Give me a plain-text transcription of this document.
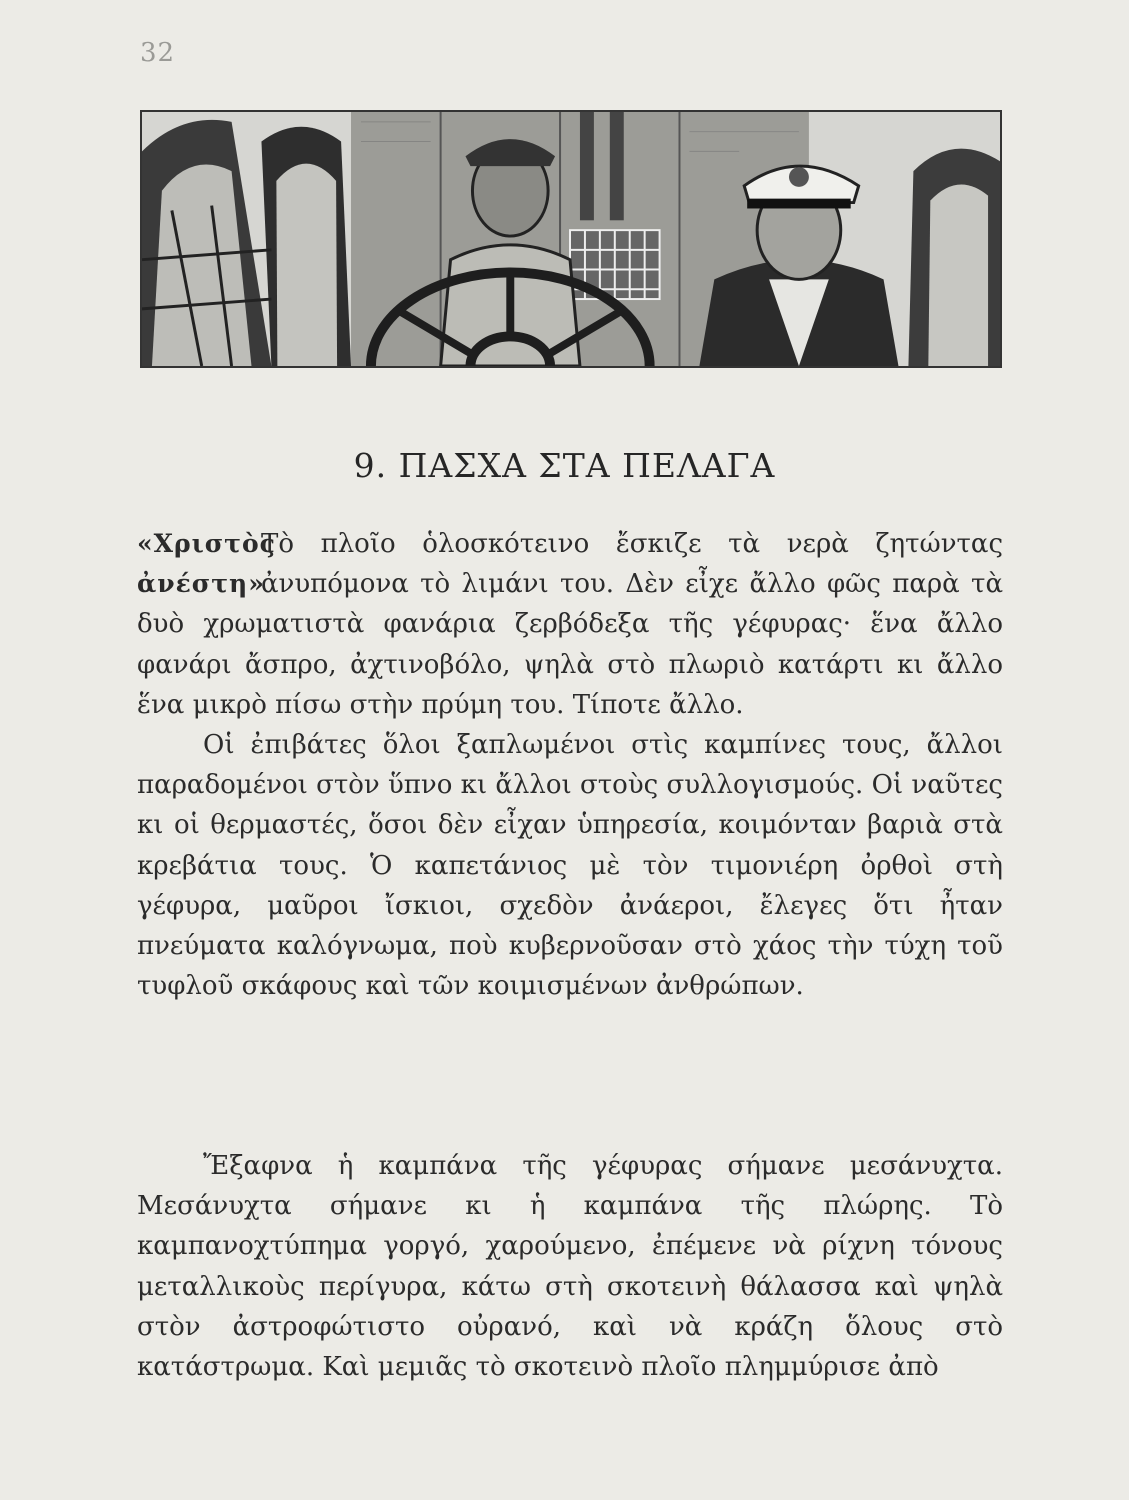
32
9. ΠΑΣΧΑ ΣΤΑ ΠΕΛΑΓΑ
«Χριστὸς
ἀνέστη»

Τὸ πλοῖο ὁλοσκότεινο ἔσκιζε τὰ νερὰ ζητώντας ἀνυπόμονα τὸ λιμάνι του. Δὲν εἶχε ἄλλο φῶς παρὰ τὰ δυὸ χρωματιστὰ φανάρια ζερβόδεξα τῆς γέφυρας· ἕνα ἄλλο φανάρι ἄσπρο, ἀχτινοβόλο, ψηλὰ στὸ πλωριὸ κατάρτι κι ἄλλο ἕνα μικρὸ πίσω στὴν πρύμη του. Τίποτε ἄλλο.

Οἱ ἐπιβάτες ὅλοι ξαπλωμένοι στὶς καμπίνες τους, ἄλλοι παραδομένοι στὸν ὕπνο κι ἄλλοι στοὺς συλλογισμούς. Οἱ ναῦτες κι οἱ θερμαστές, ὅσοι δὲν εἶχαν ὑπηρεσία, κοιμόνταν βαριὰ στὰ κρεβάτια τους. Ὁ καπετάνιος μὲ τὸν τιμονιέρη ὀρθοὶ στὴ γέφυρα, μαῦροι ἴσκιοι, σχεδὸν ἀνάεροι, ἔλεγες ὅτι ἦταν πνεύματα καλόγνωμα, ποὺ κυβερνοῦσαν στὸ χάος τὴν τύχη τοῦ τυφλοῦ σκάφους καὶ τῶν κοιμισμένων ἀνθρώπων.

Ἔξαφνα ἡ καμπάνα τῆς γέφυρας σήμανε μεσάνυχτα. Μεσάνυχτα σήμανε κι ἡ καμπάνα τῆς πλώρης. Τὸ καμπανοχτύπημα γοργό, χαρούμενο, ἐπέμενε νὰ ρίχνη τόνους μεταλλικοὺς περίγυρα, κάτω στὴ σκοτεινὴ θάλασσα καὶ ψηλὰ στὸν ἀστροφώτιστο οὐρανό, καὶ νὰ κράζη ὅλους στὸ κατάστρωμα. Καὶ μεμιᾶς τὸ σκοτεινὸ πλοῖο πλημμύρισε ἀπὸ
